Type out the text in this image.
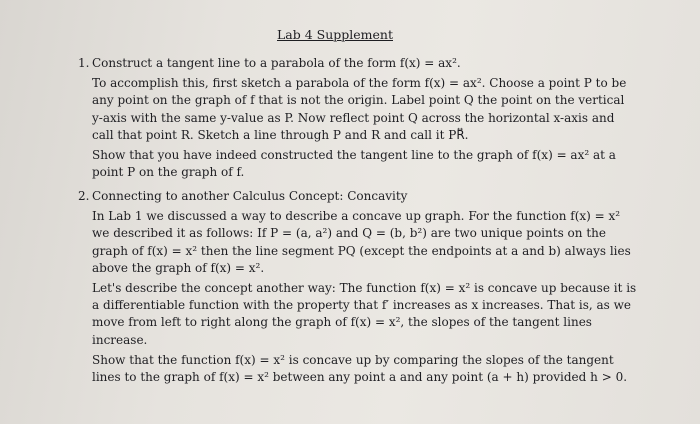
Lab 4 Supplement
1. Construct a tangent line to a parabola of the form f(x) = ax².

To accomplish this, first sketch a parabola of the form f(x) = ax². Choose a point P to be any point on the graph of f that is not the origin. Label point Q the point on the vertical y-axis with the same y-value as P. Now reflect point Q across the horizontal x-axis and call that point R. Sketch a line through P and R and call it PR⃡.

Show that you have indeed constructed the tangent line to the graph of f(x) = ax² at a point P on the graph of f.

2. Connecting to another Calculus Concept: Concavity

In Lab 1 we discussed a way to describe a concave up graph. For the function f(x) = x² we described it as follows: If P = (a, a²) and Q = (b, b²) are two unique points on the graph of f(x) = x² then the line segment PQ (except the endpoints at a and b) always lies above the graph of f(x) = x².

Let's describe the concept another way: The function f(x) = x² is concave up because it is a differentiable function with the property that f′ increases as x increases. That is, as we move from left to right along the graph of f(x) = x², the slopes of the tangent lines increase.

Show that the function f(x) = x² is concave up by comparing the slopes of the tangent lines to the graph of f(x) = x² between any point a and any point (a + h) provided h > 0.
